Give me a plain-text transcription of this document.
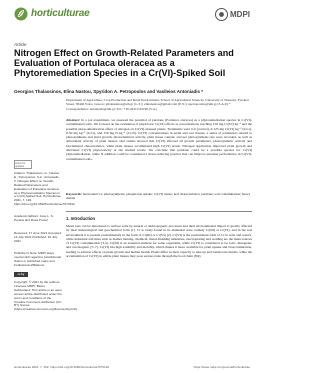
horticulturae	MDPI
Article
Nitrogen Effect on Growth-Related Parameters and Evaluation of Portulaca oleracea as a Phytoremediation Species in a Cr(VI)-Spiked Soil
Georgios Thalassinos, Elina Nastou, Spyridon A. Petropoulos and Vasileios Antoniadis *
Department of Agriculture, Crop Production and Rural Environment, School of Agricultural Sciences, University of Thessaly, Fytokou Street, 38446 Volos, Greece; gthalassinos@uth.gr (G.T.); elinanastou@gmail.com (E.N.); spetropoulos@uth.gr (S.A.P.) * Correspondence: antoniadis@uth.gr; Tel.: +30-24210-93196 (V.A.)
check for updates
Citation: Thalassinos, G.; Nastou, E.; Petropoulos, S.A.; Antoniadis, V. Nitrogen Effect on Growth-Related Parameters and Evaluation of Portulaca oleracea as a Phytoremediation Species in a Cr(VI)-Spiked Soil. Horticulturae 2021, 7, 192. https://doi.org/10.3390/horticulturae7070192
Academic Editors: Jose L. S. Pereira and Rosa Porcel
Received: 17 June 2021 Accepted: 14 July 2021 Published: 16 July 2021
Publisher's Note: MDPI stays neutral with regard to jurisdictional claims in published maps and institutional affiliations.
cc by
Copyright: © 2021 by the authors. Licensee MDPI, Basel, Switzerland. This article is an open access article distributed under the terms and conditions of the Creative Commons Attribution (CC BY) license (https://creativecommons.org/licenses/by/4.0/).
Abstract: In a pot experiment, we assessed the potential of purslane (Portulaca oleracea) as a phytoremediation species in Cr(VI)-contaminated soils. We focused on the evaluation of phytotoxic Cr(VI) effects at concentrations reaching 150 mg Cr(VI) kg⁻¹ and the possible stress-amelioration effect of nitrogen on Cr(VI)-stressed plants. Treatments were 0-0 (control), 0-125 mg Cr(VI) kg⁻¹ (0-Cr), 0-50 mg kg⁻¹ (0-Cr), and 150 mg N kg⁻¹ (Cr-N). Cr(VI) concentrations in aerial and root tissues, a series of parameters related to photosynthesis and plant growth, photochemical activity, plant tissue content, and net photosynthesis rate were recorded, as well as antioxidant activity of plant tissues. Our results showed that Cr(VI) affected all growth parameters, photosynthetic activity and biochemical characteristics, while plant tissues accumulated high Cr(VI) levels. Nitrogen application improved plant growth and alleviated Cr(VI) phytotoxicity at the studied levels. We conclude that purslane could be a possible species for Cr(VI) phytoremediation, while N addition could be considered a stress-relieving practice that can improve purslane performance in Cr(VI)-contaminated soils.
Keywords: hexavalent Cr; photosynthesis; phosphorus uptake; Cr(VI) tissue; leaf characteristics; purslane; soil contamination; heavy metals
1. Introduction
Metal ions can be introduced to surface soils by natural or anthropogenic processes and their environmental impact is greatly affected by their mineralogical and geochemical form [1]. Cr is rarely found in its elemental state, namely Cr(III) or Cr(VI), and in the soil environment it is present predominantly in the form of Cr(III) or Cr(VI) [2]. Cr(VI) is the predominant form of Cr in soils and waters, while industrial activities such as leather tanning, chemical, metal-finishing industries, electroplating and welding are the main sources of Cr(VI) contamination [3,4]. Cr(III) is an essential element for some organisms, while Cr(VI) is considered to be toxic, mutagenic and carcinogenic [5–7]. Cr(VI) has high solubility and mobility, which makes it more available for plant uptake and bioaccumulation, leading to adverse effects on plant growth and human health. Plants differ in their capacity to take up and translocate metals, while the accumulation of Cr(VI) in edible plant tissues may pose serious risks through the food chain [8,9].
Horticulturae 2021, 7, 192. https://doi.org/10.3390/horticulturae7070192	https://www.mdpi.com/journal/horticulturae
